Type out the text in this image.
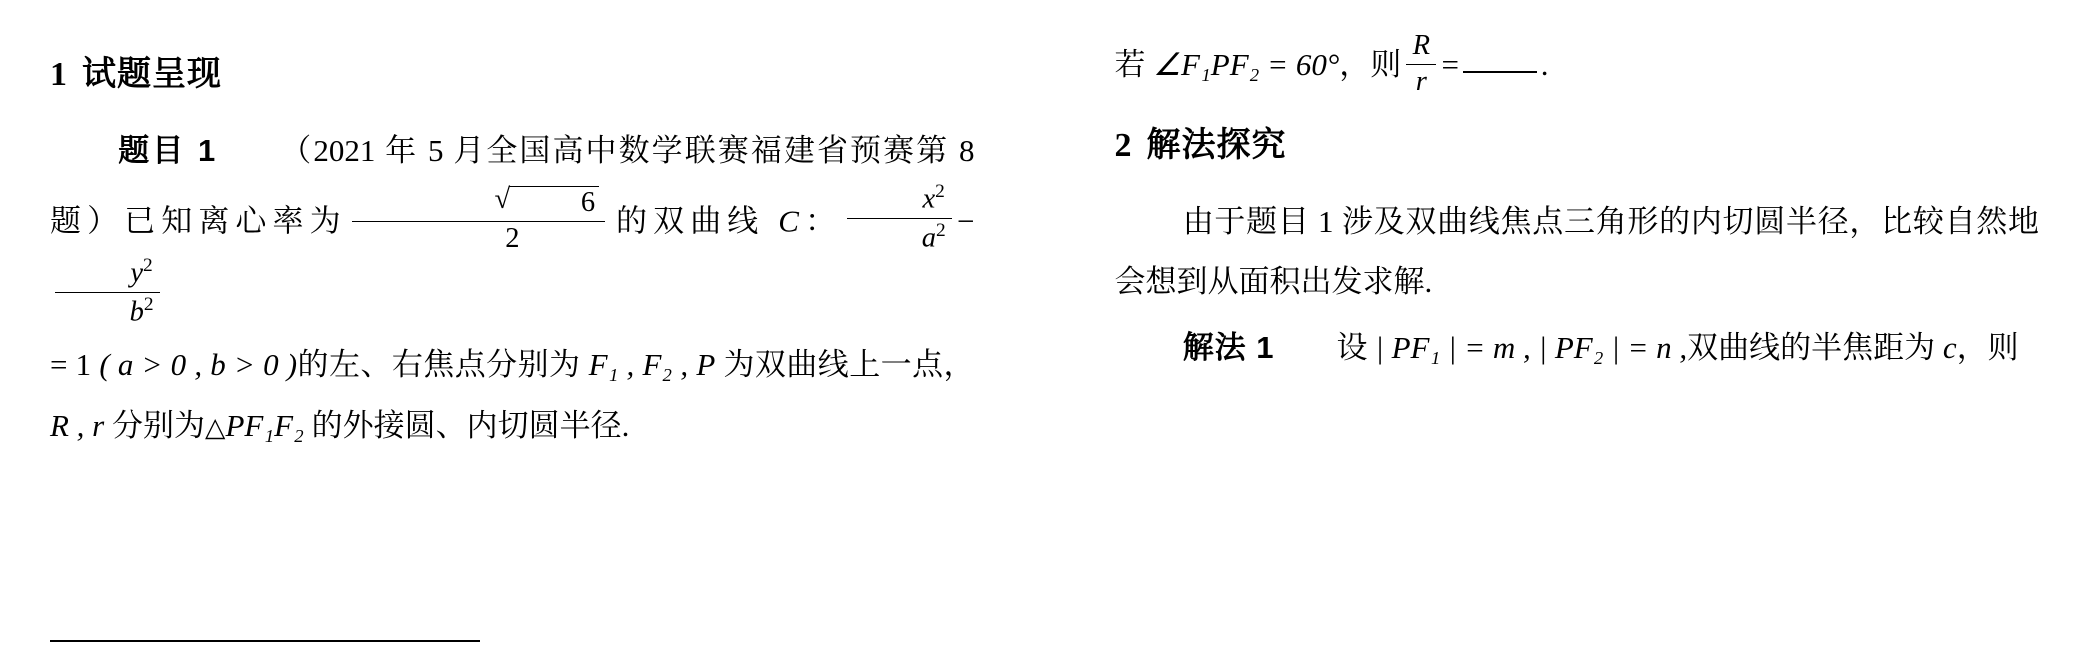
1 试题呈现

题目 1 （2021 年 5 月全国高中数学联赛福建省预赛第 8 题）已知离心率为 √ $\frac{6}{2}$ 的双曲线 C： $\frac{x^2}{a^2}$ −
$\frac{y^2}{b^2}$

= 1 ( a > 0 , b > 0 )的左、右焦点分别为 F₁ , F₂ , P 为双曲线上一点，R , r 分别为 △ PF₁F₂ 的外接圆、内切圆半径.

若 ∠F₁PF₂ = 60°，则 $\frac{R}{r}$ =	.

2 解法探究

由于题目 1 涉及双曲线焦点三角形的内切圆半径，比较自然地会想到从面积出发求解.

解法 1 设 | PF₁ | = m , | PF₂ | = n ,双曲线的半焦距为 c，则
